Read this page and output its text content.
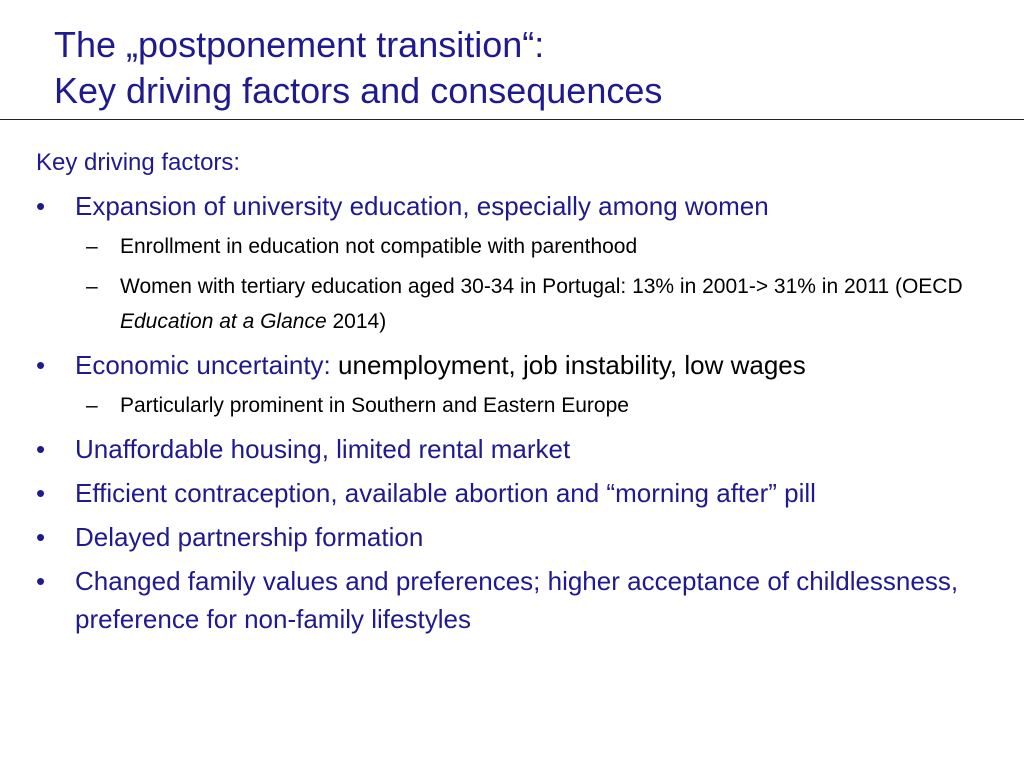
The „postponement transition“:
Key driving factors and consequences
Key driving factors:
• Expansion of university education, especially among women
– Enrollment in education not compatible with parenthood
– Women with tertiary education aged 30-34 in Portugal: 13% in 2001-> 31% in 2011 (OECD Education at a Glance 2014)
• Economic uncertainty: unemployment, job instability, low wages
– Particularly prominent in Southern and Eastern Europe
• Unaffordable housing, limited rental market
• Efficient contraception, available abortion and “morning after” pill
• Delayed partnership formation
• Changed family values and preferences; higher acceptance of childlessness, preference for non-family lifestyles
